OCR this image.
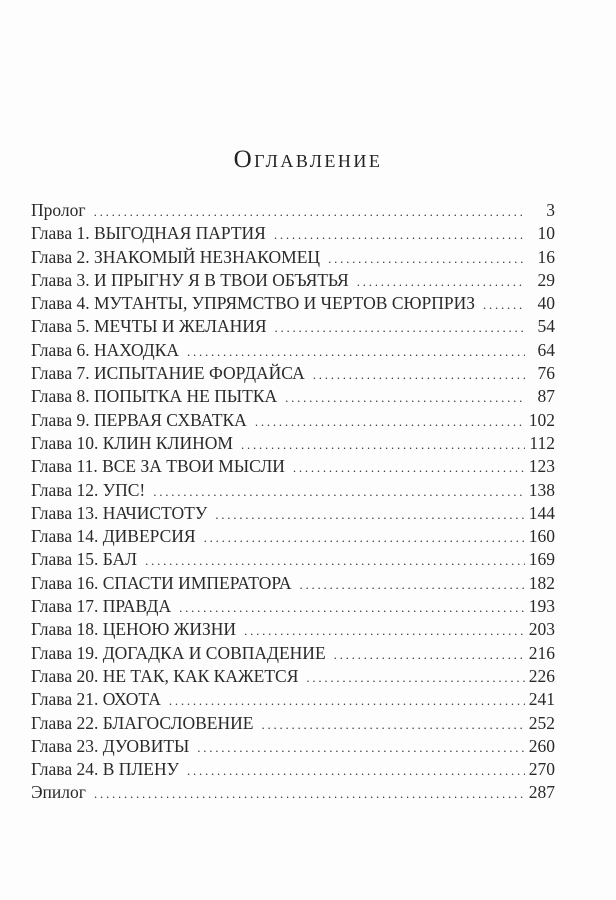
Оглавление
Пролог . . .	3
Глава 1. ВЫГОДНАЯ ПАРТИЯ . . .	10
Глава 2. ЗНАКОМЫЙ НЕЗНАКОМЕЦ . . .	16
Глава 3. И ПРЫГНУ Я В ТВОИ ОБЪЯТЬЯ . . .	29
Глава 4. МУТАНТЫ, УПРЯМСТВО И ЧЕРТОВ СЮРПРИЗ . . .	40
Глава 5. МЕЧТЫ И ЖЕЛАНИЯ . . .	54
Глава 6. НАХОДКА . . .	64
Глава 7. ИСПЫТАНИЕ ФОРДАЙСА . . .	76
Глава 8. ПОПЫТКА НЕ ПЫТКА . . .	87
Глава 9. ПЕРВАЯ СХВАТКА . . .	102
Глава 10. КЛИН КЛИНОМ . . .	112
Глава 11. ВСЕ ЗА ТВОИ МЫСЛИ . . .	123
Глава 12. УПС! . . .	138
Глава 13. НАЧИСТОТУ . . .	144
Глава 14. ДИВЕРСИЯ . . .	160
Глава 15. БАЛ . . .	169
Глава 16. СПАСТИ ИМПЕРАТОРА . . .	182
Глава 17. ПРАВДА . . .	193
Глава 18. ЦЕНОЮ ЖИЗНИ . . .	203
Глава 19. ДОГАДКА И СОВПАДЕНИЕ . . .	216
Глава 20. НЕ ТАК, КАК КАЖЕТСЯ . . .	226
Глава 21. ОХОТА . . .	241
Глава 22. БЛАГОСЛОВЕНИЕ . . .	252
Глава 23. ДУОВИТЫ . . .	260
Глава 24. В ПЛЕНУ . . .	270
Эпилог . . .	287
